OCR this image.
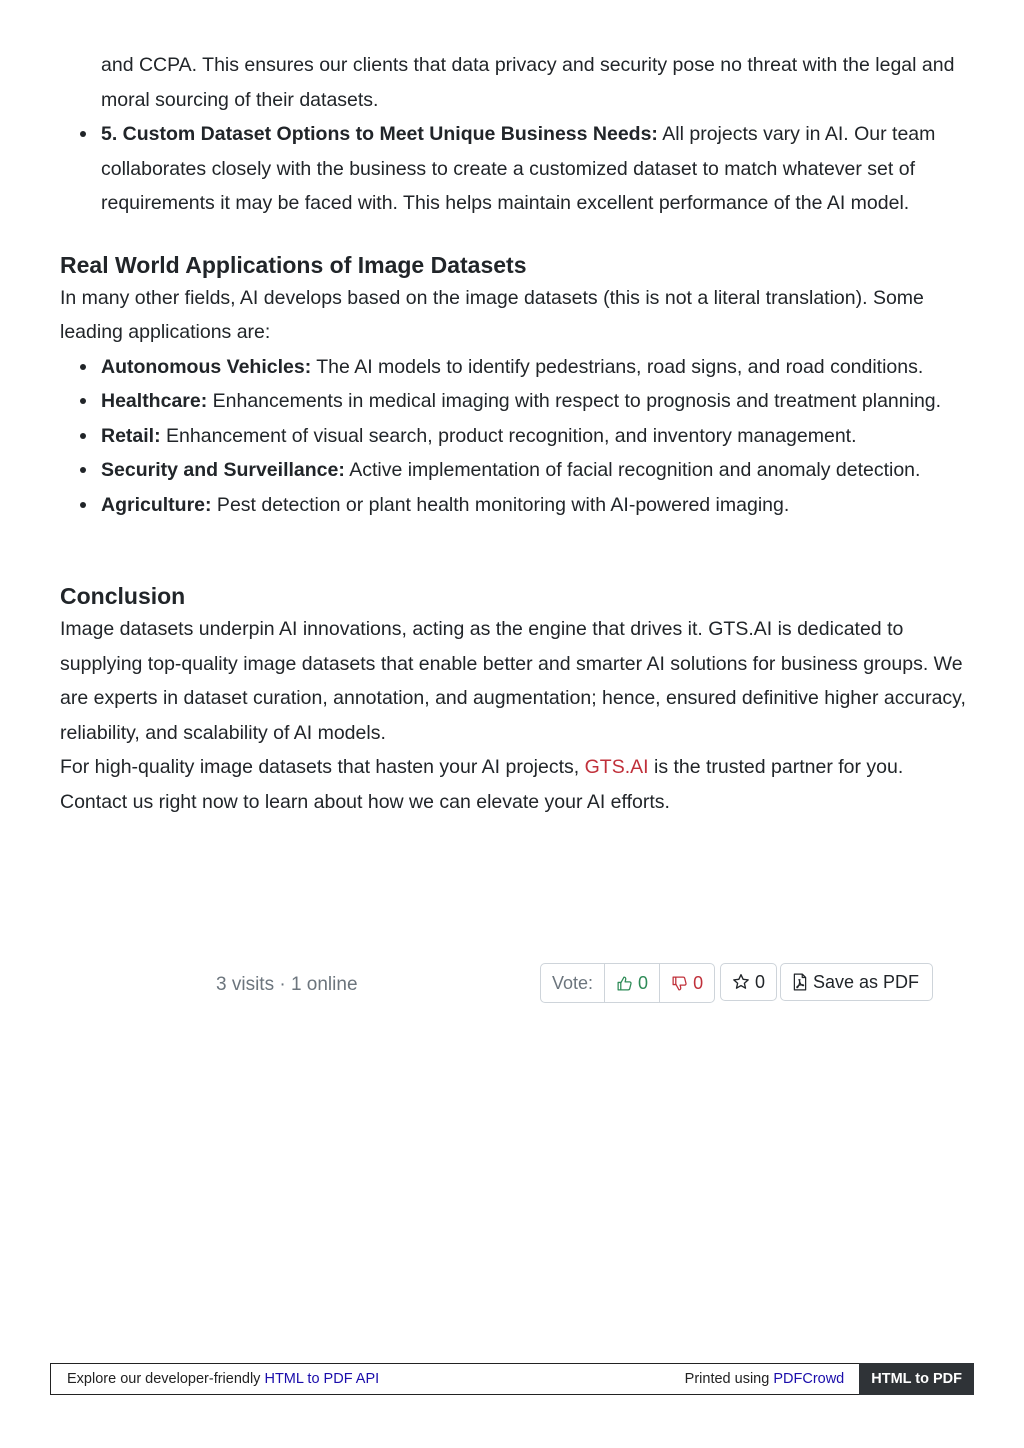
and CCPA. This ensures our clients that data privacy and security pose no threat with the legal and moral sourcing of their datasets.
5. Custom Dataset Options to Meet Unique Business Needs: All projects vary in AI. Our team collaborates closely with the business to create a customized dataset to match whatever set of requirements it may be faced with. This helps maintain excellent performance of the AI model.
Real World Applications of Image Datasets

In many other fields, AI develops based on the image datasets (this is not a literal translation). Some leading applications are:

Autonomous Vehicles: The AI models to identify pedestrians, road signs, and road conditions.
Healthcare: Enhancements in medical imaging with respect to prognosis and treatment planning.
Retail: Enhancement of visual search, product recognition, and inventory management.
Security and Surveillance: Active implementation of facial recognition and anomaly detection.
Agriculture: Pest detection or plant health monitoring with AI-powered imaging.
Conclusion

Image datasets underpin AI innovations, acting as the engine that drives it. GTS.AI is dedicated to supplying top-quality image datasets that enable better and smarter AI solutions for business groups. We are experts in dataset curation, annotation, and augmentation; hence, ensured definitive higher accuracy, reliability, and scalability of AI models.

For high-quality image datasets that hasten your AI projects, GTS.AI is the trusted partner for you.

Contact us right now to learn about how we can elevate your AI efforts.

3 visits · 1 online	Vote:	0	0	0	Save as PDF
Explore our developer-friendly HTML to PDF API	Printed using PDFCrowd	HTML to PDF
